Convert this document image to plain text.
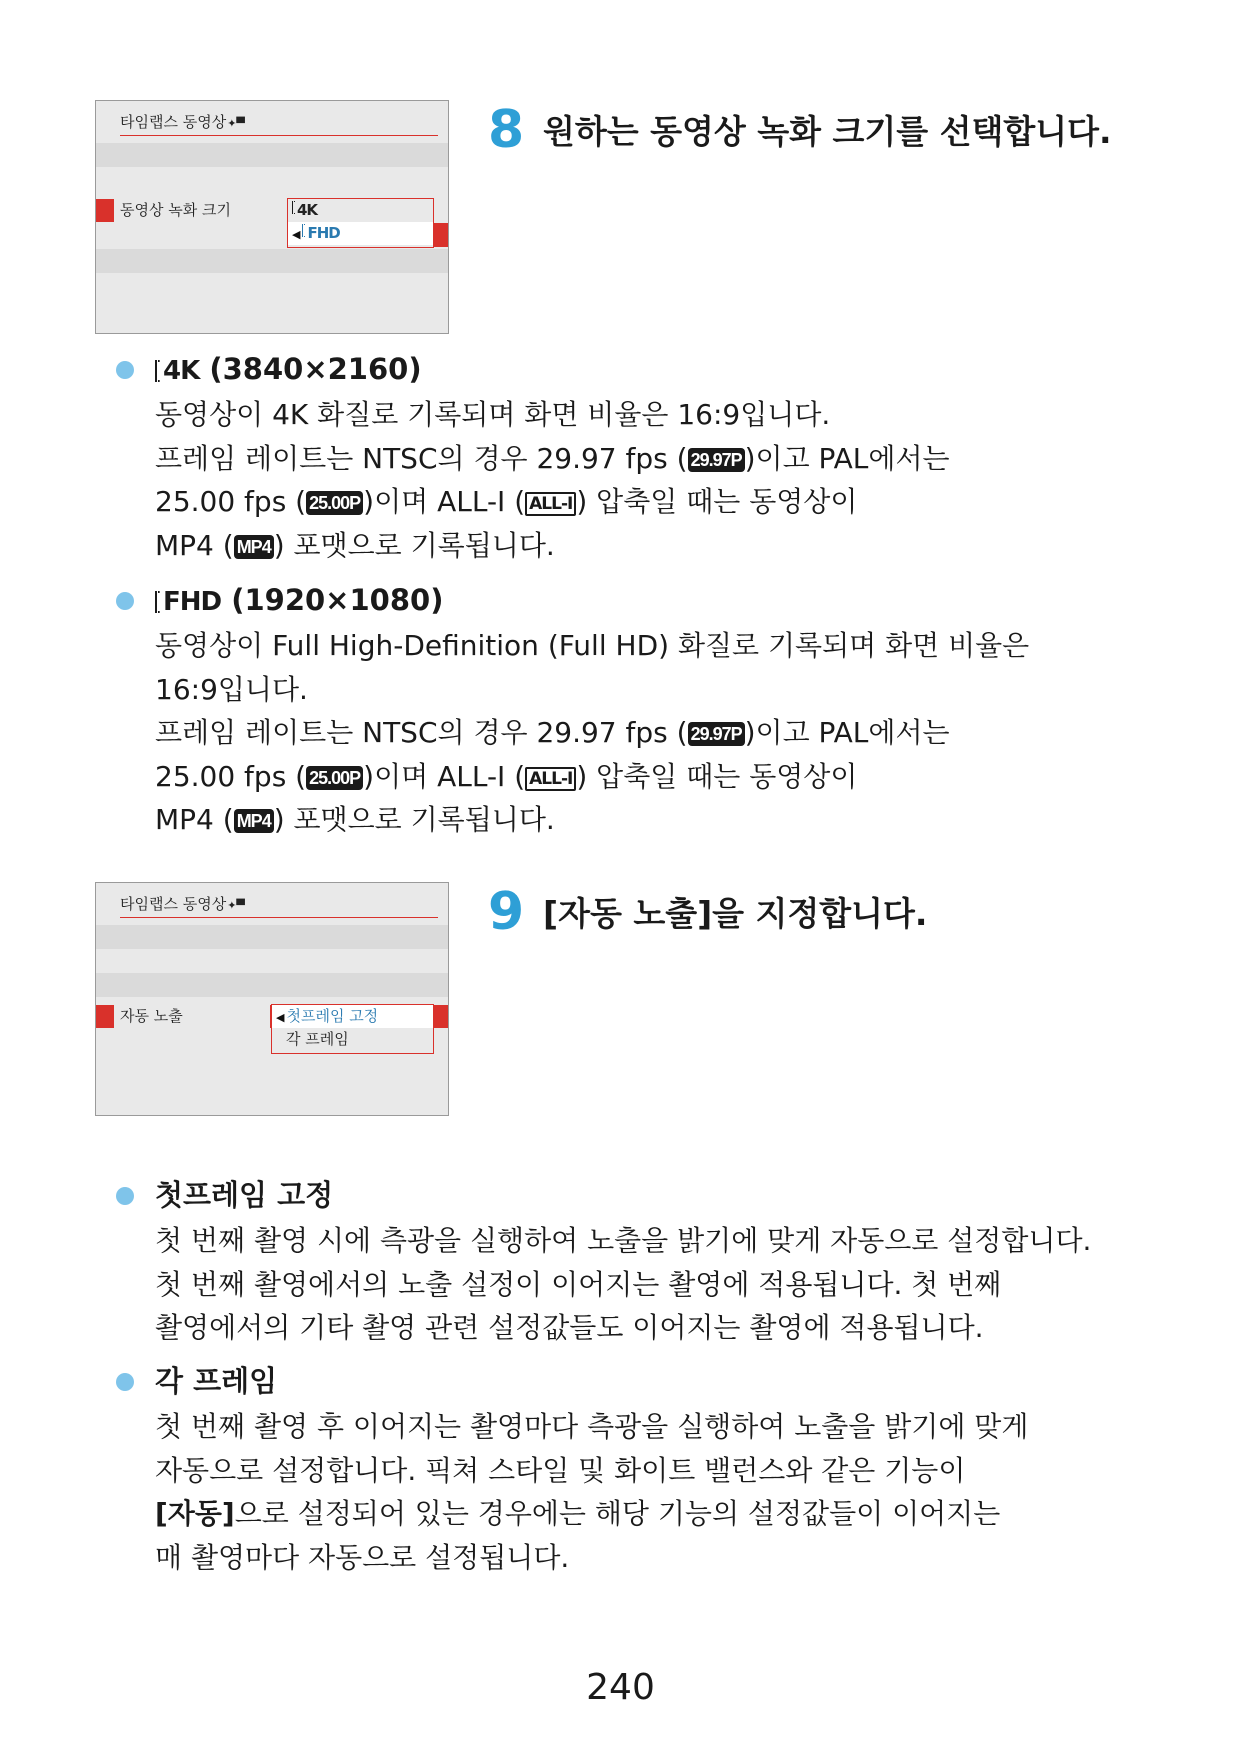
타임랩스 동영상✦▀
동영상 녹화 크기	4K
◀ FHD
8 원하는 동영상 녹화 크기를 선택합니다.
4K (3840×2160)
동영상이 4K 화질로 기록되며 화면 비율은 16:9입니다.
프레임 레이트는 NTSC의 경우 29.97 fps ( 29.97P )이고 PAL에서는
25.00 fps ( 25.00P )이며 ALL-I ( ALL-I ) 압축일 때는 동영상이
MP4 ( MP4 ) 포맷으로 기록됩니다.
FHD (1920×1080)
동영상이 Full High-Definition (Full HD) 화질로 기록되며 화면 비율은
16:9입니다.
프레임 레이트는 NTSC의 경우 29.97 fps ( 29.97P )이고 PAL에서는
25.00 fps ( 25.00P )이며 ALL-I ( ALL-I ) 압축일 때는 동영상이
MP4 ( MP4 ) 포맷으로 기록됩니다.
타임랩스 동영상✦▀
자동 노출	◀ 첫프레임 고정
각 프레임
9 [자동 노출]을 지정합니다.
첫프레임 고정
첫 번째 촬영 시에 측광을 실행하여 노출을 밝기에 맞게 자동으로 설정합니다.
첫 번째 촬영에서의 노출 설정이 이어지는 촬영에 적용됩니다. 첫 번째
촬영에서의 기타 촬영 관련 설정값들도 이어지는 촬영에 적용됩니다.
각 프레임
첫 번째 촬영 후 이어지는 촬영마다 측광을 실행하여 노출을 밝기에 맞게
자동으로 설정합니다. 픽쳐 스타일 및 화이트 밸런스와 같은 기능이
[자동]으로 설정되어 있는 경우에는 해당 기능의 설정값들이 이어지는
매 촬영마다 자동으로 설정됩니다.
240
